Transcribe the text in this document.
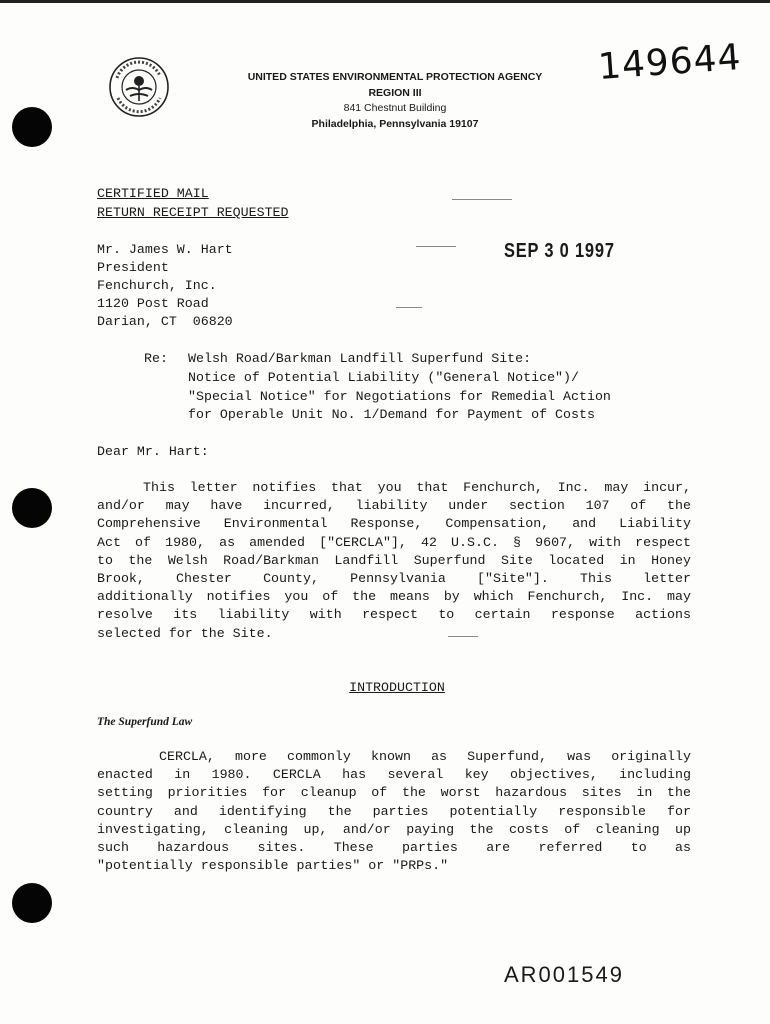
UNITED STATES ENVIRONMENTAL PROTECTION AGENCY
REGION III
841 Chestnut Building
Philadelphia, Pennsylvania 19107
149644
CERTIFIED MAIL
RETURN RECEIPT REQUESTED
SEP 3 0 1997
Mr. James W. Hart
President
Fenchurch, Inc.
1120 Post Road
Darian, CT  06820
Re: Welsh Road/Barkman Landfill Superfund Site:
Notice of Potential Liability ("General Notice")/
"Special Notice" for Negotiations for Remedial Action
for Operable Unit No. 1/Demand for Payment of Costs
Dear Mr. Hart:
This letter notifies that you that Fenchurch, Inc. may incur,
and/or may have incurred, liability under section 107 of the
Comprehensive Environmental Response, Compensation, and Liability
Act of 1980, as amended ["CERCLA"], 42 U.S.C. § 9607, with respect
to the Welsh Road/Barkman Landfill Superfund Site located in Honey
Brook, Chester County, Pennsylvania ["Site"]. This letter
additionally notifies you of the means by which Fenchurch, Inc. may
resolve its liability with respect to certain response actions
selected for the Site.
INTRODUCTION
The Superfund Law
CERCLA, more commonly known as Superfund, was originally
enacted in 1980. CERCLA has several key objectives, including
setting priorities for cleanup of the worst hazardous sites in the
country and identifying the parties potentially responsible for
investigating, cleaning up, and/or paying the costs of cleaning up
such hazardous sites. These parties are referred to as
"potentially responsible parties" or "PRPs."
AR001549
